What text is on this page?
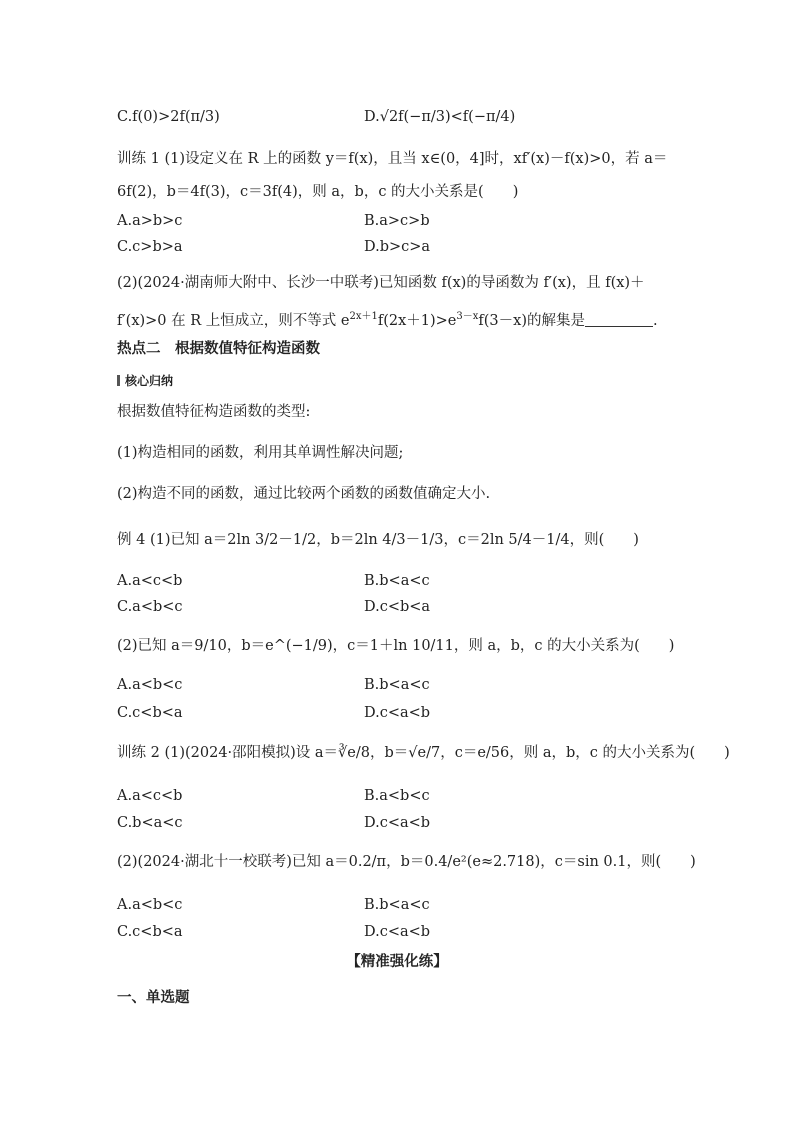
C.f(0)>2f(π/3)	D.√2f(−π/3)<f(−π/4)
训练 1 (1)设定义在 R 上的函数 y＝f(x)，且当 x∈(0，4]时，xf′(x)－f(x)>0，若 a＝
6f(2)，b＝4f(3)，c＝3f(4)，则 a，b，c 的大小关系是(　　)
A.a>b>c	B.a>c>b
C.c>b>a	D.b>c>a
(2)(2024·湖南师大附中、长沙一中联考)已知函数 f(x)的导函数为 f′(x)，且 f(x)＋
f′(x)>0 在 R 上恒成立，则不等式 $e^{2x+1}f(2x+1)>e^{3-x}f(3-x)$的解集是	.
热点二　根据数值特征构造函数
核心归纳
根据数值特征构造函数的类型:
(1)构造相同的函数，利用其单调性解决问题;
(2)构造不同的函数，通过比较两个函数的函数值确定大小.
例 4 (1)已知 a＝2ln 3/2－1/2，b＝2ln 4/3－1/3，c＝2ln 5/4－1/4，则(　　)
A.a<c<b	B.b<a<c
C.a<b<c	D.c<b<a
(2)已知 a＝9/10，b＝e^(−1/9)，c＝1＋ln 10/11，则 a，b，c 的大小关系为(　　)
A.a<b<c	B.b<a<c
C.c<b<a	D.c<a<b
训练 2 (1)(2024·邵阳模拟)设 a＝∛e/8，b＝√e/7，c＝e/56，则 a，b，c 的大小关系为(　　)
A.a<c<b	B.a<b<c
C.b<a<c	D.c<a<b
(2)(2024·湖北十一校联考)已知 a＝0.2/π，b＝0.4/e²(e≈2.718)，c＝sin 0.1，则(　　)
A.a<b<c	B.b<a<c
C.c<b<a	D.c<a<b
【精准强化练】
一、单选题
